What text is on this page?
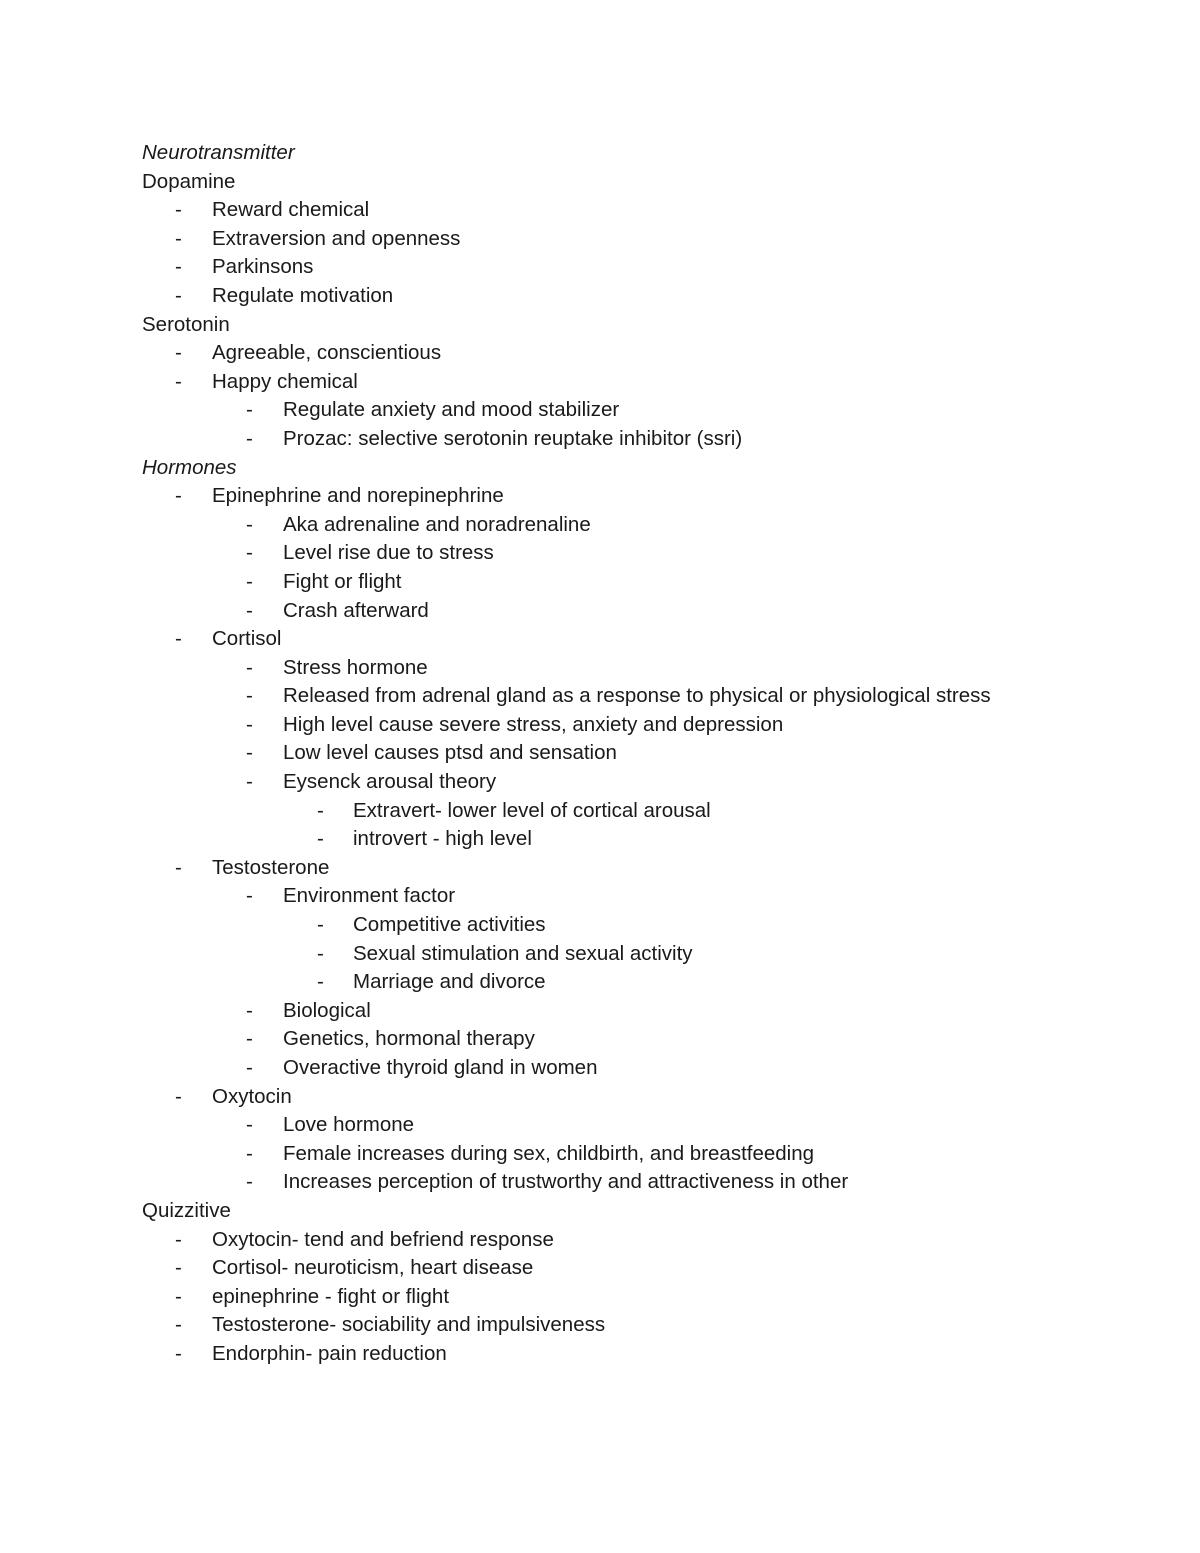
Neurotransmitter
Dopamine
-	Reward chemical
-	Extraversion and openness
-	Parkinsons
-	Regulate motivation
Serotonin
-	Agreeable, conscientious
-	Happy chemical
-	Regulate anxiety and mood stabilizer
-	Prozac: selective serotonin reuptake inhibitor (ssri)
Hormones
-	Epinephrine and norepinephrine
-	Aka adrenaline and noradrenaline
-	Level rise due to stress
-	Fight or flight
-	Crash afterward
-	Cortisol
-	Stress hormone
-	Released from adrenal gland as a response to physical or physiological stress
-	High level cause severe stress, anxiety and depression
-	Low level causes ptsd and sensation
-	Eysenck arousal theory
-	Extravert- lower level of cortical arousal
-	introvert - high level
-	Testosterone
-	Environment factor
-	Competitive activities
-	Sexual stimulation and sexual activity
-	Marriage and divorce
-	Biological
-	Genetics, hormonal therapy
-	Overactive thyroid gland in women
-	Oxytocin
-	Love hormone
-	Female increases during sex, childbirth, and breastfeeding
-	Increases perception of trustworthy and attractiveness in other
Quizzitive
-	Oxytocin- tend and befriend response
-	Cortisol- neuroticism, heart disease
-	epinephrine - fight or flight
-	Testosterone- sociability and impulsiveness
-	Endorphin- pain reduction
